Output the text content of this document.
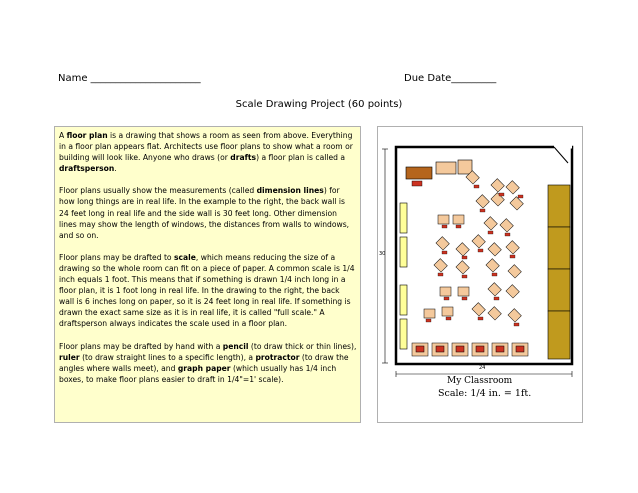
Name ______________________	Due Date_________
Scale Drawing Project (60 points)

A floor plan is a drawing that shows a room as seen from above. Everything in a floor plan appears flat. Architects use floor plans to show what a room or building will look like. Anyone who draws (or drafts) a floor plan is called a draftsperson.

Floor plans usually show the measurements (called dimension lines) for how long things are in real life. In the example to the right, the back wall is 24 feet long in real life and the side wall is 30 feet long. Other dimension lines may show the length of windows, the distances from walls to windows, and so on.

Floor plans may be drafted to scale, which means reducing the size of a drawing so the whole room can fit on a piece of paper. A common scale is 1/4 inch equals 1 foot. This means that if something is drawn 1/4 inch long in a floor plan, it is 1 foot long in real life. In the drawing to the right, the back wall is 6 inches long on paper, so it is 24 feet long in real life. If something is drawn the exact same size as it is in real life, it is called "full scale." A draftsperson always indicates the scale used in a floor plan.

Floor plans may be drafted by hand with a pencil (to draw thick or thin lines), ruler (to draw straight lines to a specific length), a protractor (to draw the angles where walls meet), and graph paper (which usually has 1/4 inch boxes, to make floor plans easier to draft in 1/4"=1' scale).

30
24
My Classroom
Scale: 1/4 in. = 1ft.
